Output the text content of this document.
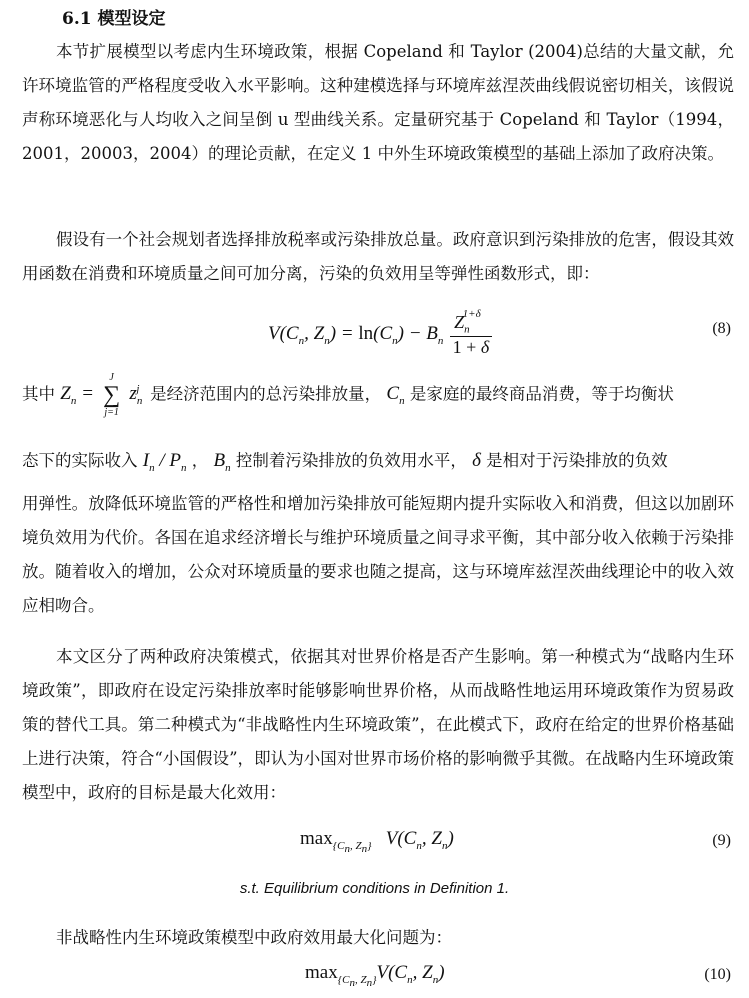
6.1 模型设定

本节扩展模型以考虑内生环境政策，根据 Copeland 和 Taylor (2004)总结的大量文献，允许环境监管的严格程度受收入水平影响。这种建模选择与环境库兹涅茨曲线假说密切相关，该假说声称环境恶化与人均收入之间呈倒 u 型曲线关系。定量研究基于 Copeland 和 Taylor（1994，2001，20003，2004）的理论贡献，在定义 1 中外生环境政策模型的基础上添加了政府决策。

假设有一个社会规划者选择排放税率或污染排放总量。政府意识到污染排放的危害，假设其效用函数在消费和环境质量之间可加分离，污染的负效用呈等弹性函数形式，即：

$V(C_n$, $Z_n) = \ln(C_n) - B_n \frac{Z_n^{1+\delta}}{1 + \delta}$	(8)
其中 $Z_n$ =
J
∑
j=1
$z_n^j$ 是经济范围内的总污染排放量， $C_n$ 是家庭的最终商品消费，等于均衡状
态下的实际收入 $I_n / P_n$ ， $B_n$ 控制着污染排放的负效用水平， δ 是相对于污染排放的负效

用弹性。放降低环境监管的严格性和增加污染排放可能短期内提升实际收入和消费，但这以加剧环境负效用为代价。各国在追求经济增长与维护环境质量之间寻求平衡，其中部分收入依赖于污染排放。随着收入的增加，公众对环境质量的要求也随之提高，这与环境库兹涅茨曲线理论中的收入效应相吻合。

本文区分了两种政府决策模式，依据其对世界价格是否产生影响。第一种模式为“战略内生环境政策”，即政府在设定污染排放率时能够影响世界价格，从而战略性地运用环境政策作为贸易政策的替代工具。第二种模式为“非战略性内生环境政策”，在此模式下，政府在给定的世界价格基础上进行决策，符合“小国假设”，即认为小国对世界市场价格的影响微乎其微。在战略内生环境政策模型中，政府的目标是最大化效用：

$\max_{\{C_n, Z_n\}} V(C_n$, $Z_n$)	(9)
s.t. Equilibrium conditions in Definition 1.

非战略性内生环境政策模型中政府效用最大化问题为：

$\max_{\{C_n, Z_n\}}V(C_n$, $Z_n$)	(10)
